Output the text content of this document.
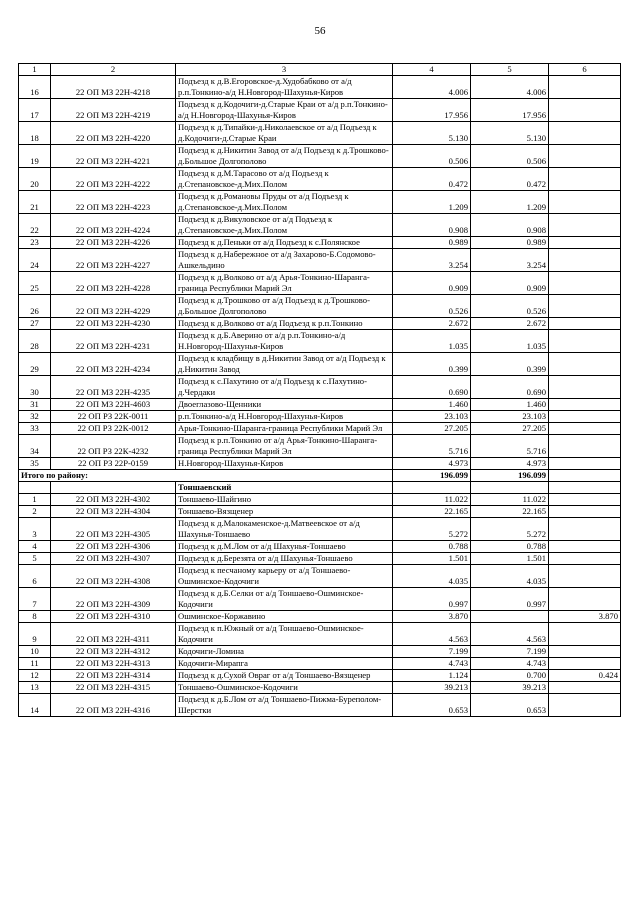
56
1	2	3	4	5	6
16	22 ОП МЗ 22Н-4218	Подъезд к д.В.Егоровское-д.Худобабково от а/д р.п.Тонкино-а/д Н.Новгород-Шахунья-Киров	4.006	4.006	
17	22 ОП МЗ 22Н-4219	Подъезд к д.Кодочиги-д.Старые Краи от а/д р.п.Тонкино-а/д Н.Новгород-Шахунья-Киров	17.956	17.956	
18	22 ОП МЗ 22Н-4220	Подъезд к д.Типайки-д.Николаевское от а/д Подъезд к д.Кодочиги-д.Старые Краи	5.130	5.130	
19	22 ОП МЗ 22Н-4221	Подъезд к д.Никитин Завод от а/д Подъезд к д.Трошково-д.Большое Долгополово	0.506	0.506	
20	22 ОП МЗ 22Н-4222	Подъезд к д.М.Тарасово от а/д Подъезд к д.Степановское-д.Мих.Полом	0.472	0.472	
21	22 ОП МЗ 22Н-4223	Подъезд к д.Романовы Пруды от а/д Подъезд к д.Степановское-д.Мих.Полом	1.209	1.209	
22	22 ОП МЗ 22Н-4224	Подъезд к д.Викуловское от а/д Подъезд к д.Степановское-д.Мих.Полом	0.908	0.908	
23	22 ОП МЗ 22Н-4226	Подъезд к д.Пеньки от а/д Подъезд к с.Полянское	0.989	0.989	
24	22 ОП МЗ 22Н-4227	Подъезд к д.Набережное от а/д Захарово-Б.Содомово-Ашкельдино	3.254	3.254	
25	22 ОП МЗ 22Н-4228	Подъезд к д.Волково от а/д Арья-Тонкино-Шаранга-граница Республики Марий Эл	0.909	0.909	
26	22 ОП МЗ 22Н-4229	Подъезд к д.Трошково от а/д Подъезд к д.Трошково-д.Большое Долгополово	0.526	0.526	
27	22 ОП МЗ 22Н-4230	Подъезд к д.Волково от а/д Подъезд к р.п.Тонкино	2.672	2.672	
28	22 ОП МЗ 22Н-4231	Подъезд к д.Б.Аверино от а/д р.п.Тонкино-а/д Н.Новгород-Шахунья-Киров	1.035	1.035	
29	22 ОП МЗ 22Н-4234	Подъезд к кладбищу в д.Никитин Завод от а/д Подъезд к д.Никитин Завод	0.399	0.399	
30	22 ОП МЗ 22Н-4235	Подъезд к с.Пахутино от а/д Подъезд к с.Пахутино-д.Чердаки	0.690	0.690	
31	22 ОП МЗ 22Н-4603	Двоеглазово-Щенники	1.460	1.460	
32	22 ОП РЗ 22К-0011	р.п.Тонкино-а/д Н.Новгород-Шахунья-Киров	23.103	23.103	
33	22 ОП РЗ 22К-0012	Арья-Тонкино-Шаранга-граница Республики Марий Эл	27.205	27.205	
34	22 ОП РЗ 22К-4232	Подъезд к р.п.Тонкино от а/д Арья-Тонкино-Шаранга-граница Республики Марий Эл	5.716	5.716	
35	22 ОП РЗ 22Р-0159	Н.Новгород-Шахунья-Киров	4.973	4.973	
Итого по району:			196.099	196.099	
		Тоншаевский			
1	22 ОП МЗ 22Н-4302	Тоншаево-Шайгино	11.022	11.022	
2	22 ОП МЗ 22Н-4304	Тоншаево-Вязщенер	22.165	22.165	
3	22 ОП МЗ 22Н-4305	Подъезд к д.Малокаменское-д.Матвеевское от а/д Шахунья-Тоншаево	5.272	5.272	
4	22 ОП МЗ 22Н-4306	Подъезд к д.М.Лом от а/д Шахунья-Тоншаево	0.788	0.788	
5	22 ОП МЗ 22Н-4307	Подъезд к д.Березята от а/д Шахунья-Тоншаево	1.501	1.501	
6	22 ОП МЗ 22Н-4308	Подъезд к песчаному карьеру от а/д Тоншаево-Ошминское-Кодочиги	4.035	4.035	
7	22 ОП МЗ 22Н-4309	Подъезд к д.Б.Селки от а/д Тоншаево-Ошминское-Кодочиги	0.997	0.997	
8	22 ОП МЗ 22Н-4310	Ошминское-Коржавино	3.870		3.870
9	22 ОП МЗ 22Н-4311	Подъезд к п.Южный от а/д Тоншаево-Ошминское-Кодочиги	4.563	4.563	
10	22 ОП МЗ 22Н-4312	Кодочиги-Ломина	7.199	7.199	
11	22 ОП МЗ 22Н-4313	Кодочиги-Мирапга	4.743	4.743	
12	22 ОП МЗ 22Н-4314	Подъезд к д.Сухой Овраг от а/д Тоншаево-Вязщенер	1.124	0.700	0.424
13	22 ОП МЗ 22Н-4315	Тоншаево-Ошминское-Кодочиги	39.213	39.213	
14	22 ОП МЗ 22Н-4316	Подъезд к д.Б.Лом от а/д Тоншаево-Пижма-Буреполом-Шерстки	0.653	0.653	
